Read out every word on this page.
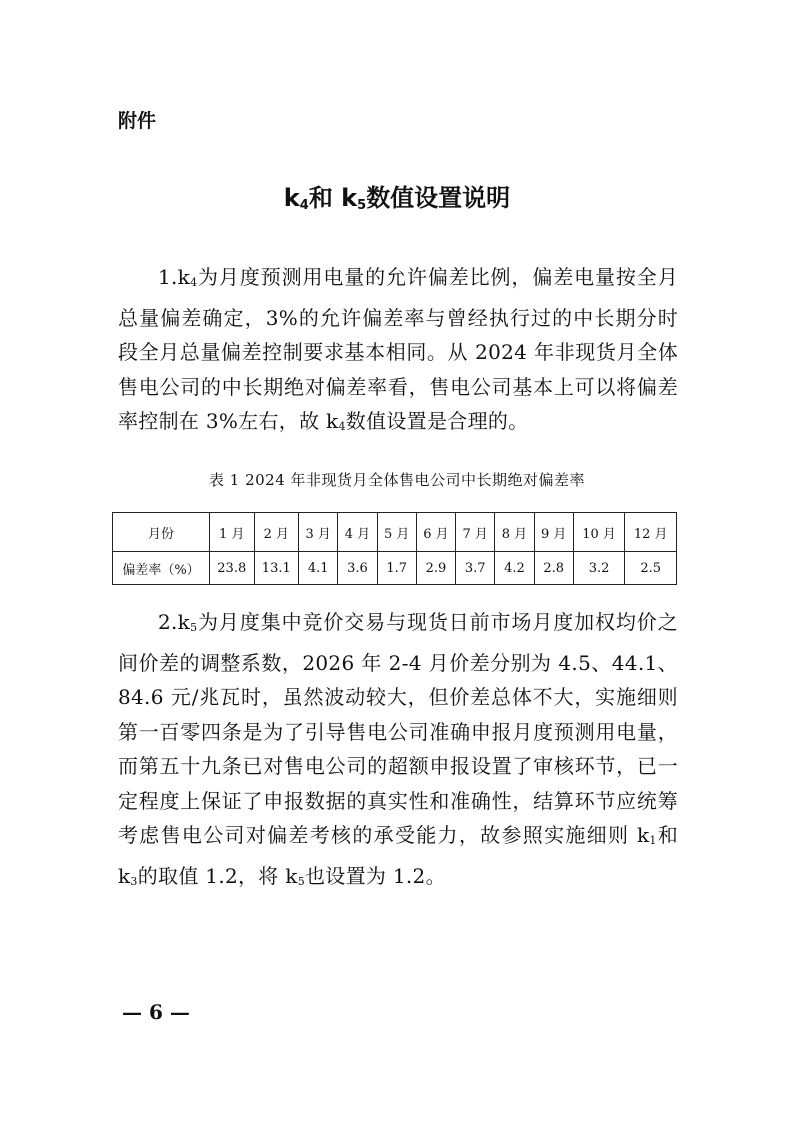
附件
$k_4$和 $k_5$数值设置说明

$1.k_4$为月度预测用电量的允许偏差比例，偏差电量按全月总量偏差确定，3%的允许偏差率与曾经执行过的中长期分时段全月总量偏差控制要求基本相同。从 2024 年非现货月全体售电公司的中长期绝对偏差率看，售电公司基本上可以将偏差率控制在 3%左右，故 $k_4$数值设置是合理的。

表 1 2024 年非现货月全体售电公司中长期绝对偏差率
月份	1 月	2 月	3 月	4 月	5 月	6 月	7 月	8 月	9 月	10 月	12 月
偏差率（%）	23.8	13.1	4.1	3.6	1.7	2.9	3.7	4.2	2.8	3.2	2.5

$2.k_5$为月度集中竞价交易与现货日前市场月度加权均价之间价差的调整系数，2026 年 2-4 月价差分别为 4.5、44.1、84.6 元/兆瓦时，虽然波动较大，但价差总体不大，实施细则第一百零四条是为了引导售电公司准确申报月度预测用电量，而第五十九条已对售电公司的超额申报设置了审核环节，已一定程度上保证了申报数据的真实性和准确性，结算环节应统筹考虑售电公司对偏差考核的承受能力，故参照实施细则 $k_1$和 $k_3$的取值 1.2，将 $k_5$也设置为 1.2。

— 6 —
